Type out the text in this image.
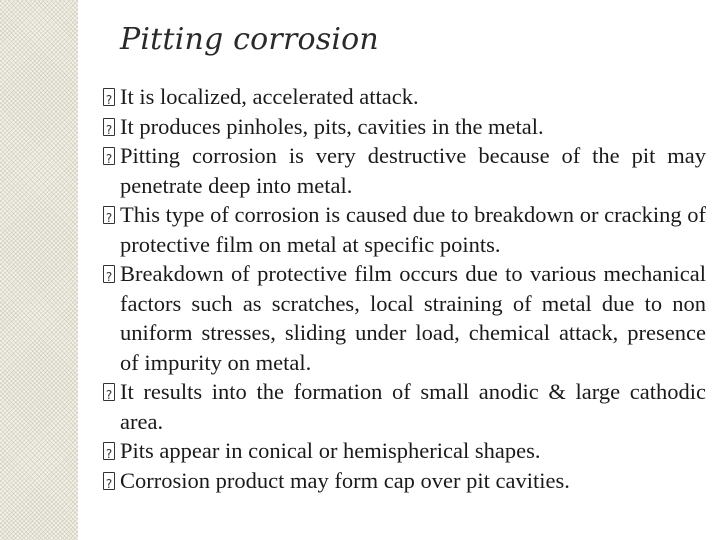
Pitting corrosion
?
It is localized, accelerated attack.
?
It produces pinholes, pits, cavities in the metal.
?
Pitting corrosion is very destructive because of the pit may penetrate deep into metal.
?
This type of corrosion is caused due to breakdown or cracking of protective film on metal at specific points.
?
Breakdown of protective film occurs due to various mechanical factors such as scratches, local straining of metal due to non uniform stresses, sliding under load, chemical attack, presence of impurity on metal.
?
It results into the formation of small anodic & large cathodic area.
?
Pits appear in conical or hemispherical shapes.
?
Corrosion product may form cap over pit cavities.
